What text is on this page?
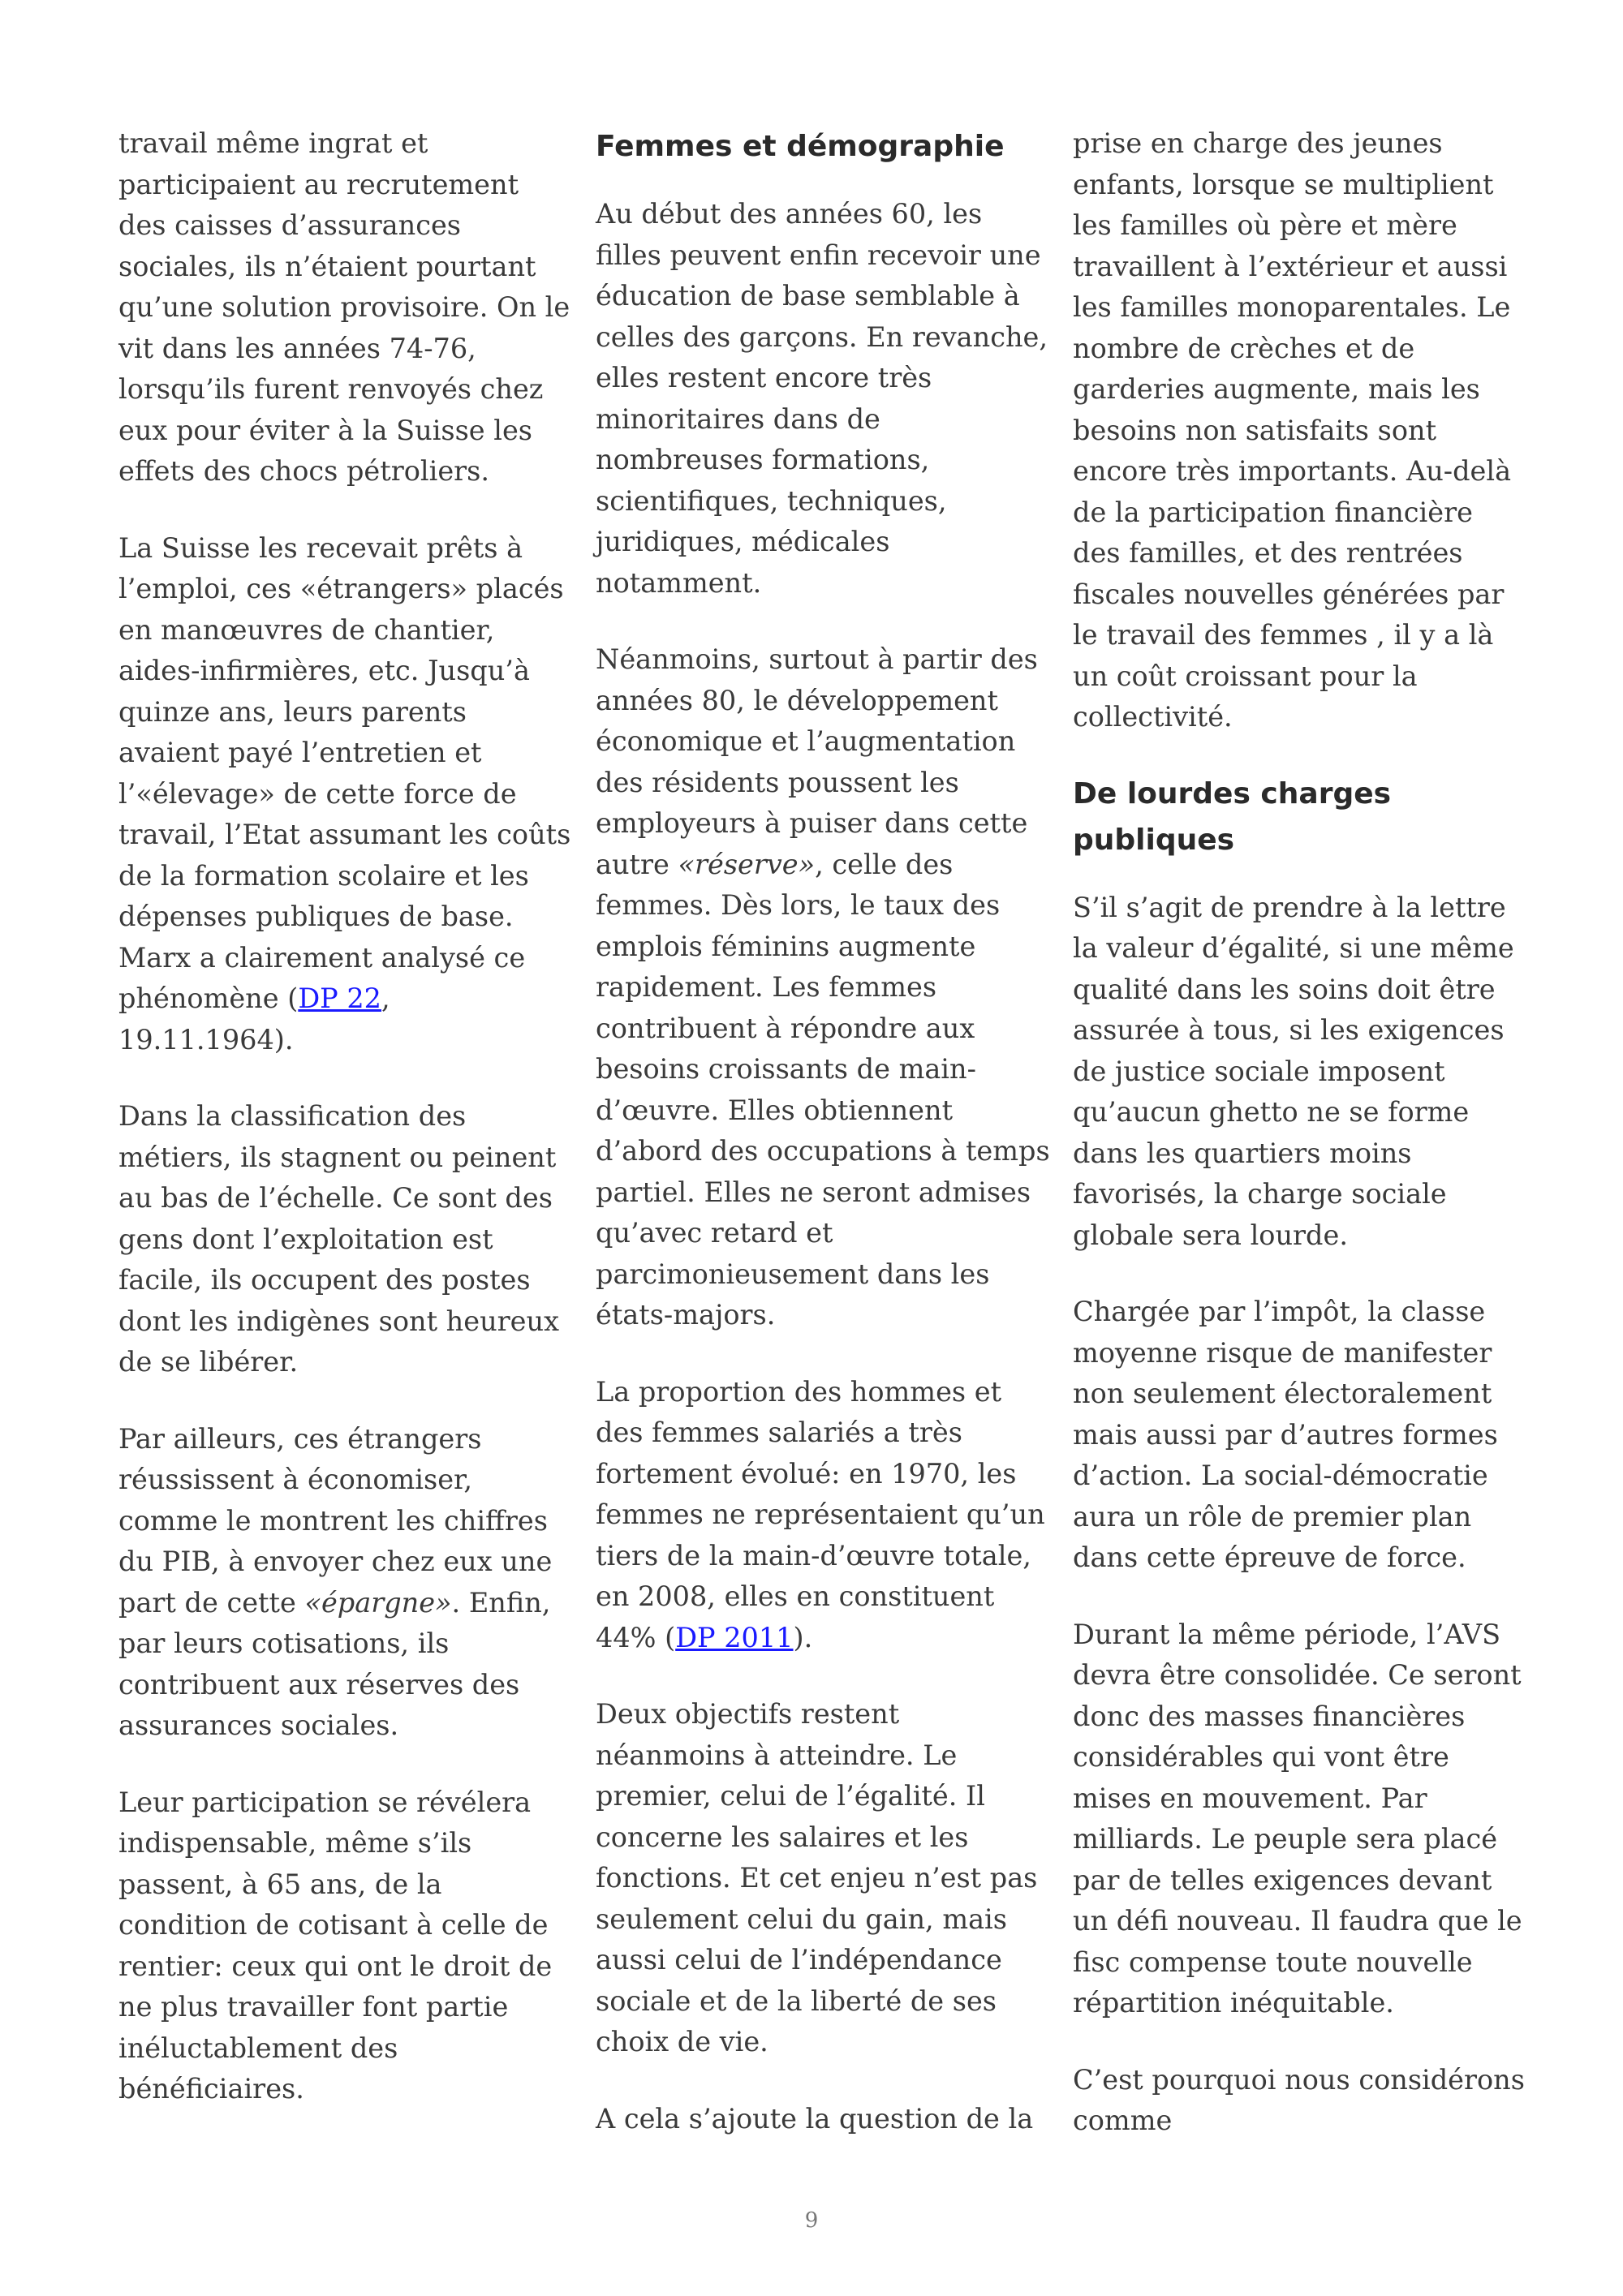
travail même ingrat et participaient au recrutement des caisses d’assurances sociales, ils n’étaient pourtant qu’une solution provisoire. On le vit dans les années 74-76, lorsqu’ils furent renvoyés chez eux pour éviter à la Suisse les effets des chocs pétroliers.

La Suisse les recevait prêts à l’emploi, ces «étrangers» placés en manœuvres de chantier, aides-infirmières, etc. Jusqu’à quinze ans, leurs parents avaient payé l’entretien et l’«élevage» de cette force de travail, l’Etat assumant les coûts de la formation scolaire et les dépenses publiques de base. Marx a clairement analysé ce phénomène (DP 22, 19.11.1964).

Dans la classification des métiers, ils stagnent ou peinent au bas de l’échelle. Ce sont des gens dont l’exploitation est facile, ils occupent des postes dont les indigènes sont heureux de se libérer.

Par ailleurs, ces étrangers réussissent à économiser, comme le montrent les chiffres du PIB, à envoyer chez eux une part de cette «épargne». Enfin, par leurs cotisations, ils contribuent aux réserves des assurances sociales.

Leur participation se révélera indispensable, même s’ils passent, à 65 ans, de la condition de cotisant à celle de rentier: ceux qui ont le droit de ne plus travailler font partie inéluctablement des bénéficiaires.

Femmes et démographie

Au début des années 60, les filles peuvent enfin recevoir une éducation de base semblable à celles des garçons. En revanche, elles restent encore très minoritaires dans de nombreuses formations, scientifiques, techniques, juridiques, médicales notamment.

Néanmoins, surtout à partir des années 80, le développement économique et l’augmentation des résidents poussent les employeurs à puiser dans cette autre «réserve», celle des femmes. Dès lors, le taux des emplois féminins augmente rapidement. Les femmes contribuent à répondre aux besoins croissants de main-d’œuvre. Elles obtiennent d’abord des occupations à temps partiel. Elles ne seront admises qu’avec retard et parcimonieusement dans les états-majors.

La proportion des hommes et des femmes salariés a très fortement évolué: en 1970, les femmes ne représentaient qu’un tiers de la main-d’œuvre totale, en 2008, elles en constituent 44% (DP 2011).

Deux objectifs restent néanmoins à atteindre. Le premier, celui de l’égalité. Il concerne les salaires et les fonctions. Et cet enjeu n’est pas seulement celui du gain, mais aussi celui de l’indépendance sociale et de la liberté de ses choix de vie.

A cela s’ajoute la question de la

prise en charge des jeunes enfants, lorsque se multiplient les familles où père et mère travaillent à l’extérieur et aussi les familles monoparentales. Le nombre de crèches et de garderies augmente, mais les besoins non satisfaits sont encore très importants. Au-delà de la participation financière des familles, et des rentrées fiscales nouvelles générées par le travail des femmes , il y a là un coût croissant pour la collectivité.

De lourdes charges publiques

S’il s’agit de prendre à la lettre la valeur d’égalité, si une même qualité dans les soins doit être assurée à tous, si les exigences de justice sociale imposent qu’aucun ghetto ne se forme dans les quartiers moins favorisés, la charge sociale globale sera lourde.

Chargée par l’impôt, la classe moyenne risque de manifester non seulement électoralement mais aussi par d’autres formes d’action. La social-démocratie aura un rôle de premier plan dans cette épreuve de force.

Durant la même période, l’AVS devra être consolidée. Ce seront donc des masses financières considérables qui vont être mises en mouvement. Par milliards. Le peuple sera placé par de telles exigences devant un défi nouveau. Il faudra que le fisc compense toute nouvelle répartition inéquitable.

C’est pourquoi nous considérons comme

9
